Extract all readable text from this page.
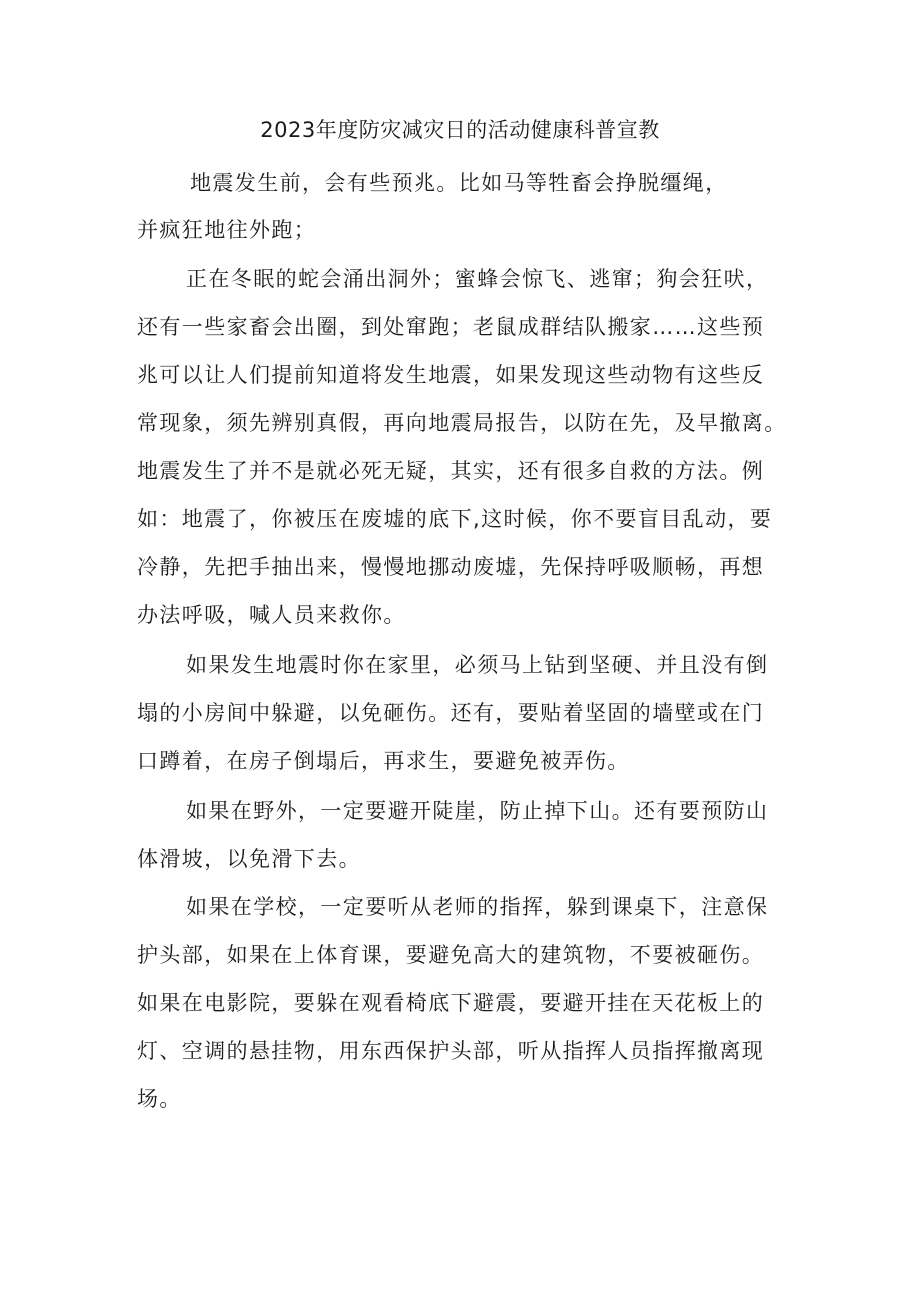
2023年度防灾减灾日的活动健康科普宣教
地震发生前，会有些预兆。比如马等牲畜会挣脱缰绳，
并疯狂地往外跑；
正在冬眠的蛇会涌出洞外；蜜蜂会惊飞、逃窜；狗会狂吠，
还有一些家畜会出圈，到处窜跑；老鼠成群结队搬家……这些预
兆可以让人们提前知道将发生地震，如果发现这些动物有这些反
常现象，须先辨别真假，再向地震局报告，以防在先，及早撤离。
地震发生了并不是就必死无疑，其实，还有很多自救的方法。例
如：地震了，你被压在废墟的底下,这时候，你不要盲目乱动，要
冷静，先把手抽出来，慢慢地挪动废墟，先保持呼吸顺畅，再想
办法呼吸，喊人员来救你。
如果发生地震时你在家里，必须马上钻到坚硬、并且没有倒
塌的小房间中躲避，以免砸伤。还有，要贴着坚固的墙壁或在门
口蹲着，在房子倒塌后，再求生，要避免被弄伤。
如果在野外，一定要避开陡崖，防止掉下山。还有要预防山
体滑坡，以免滑下去。
如果在学校，一定要听从老师的指挥，躲到课桌下，注意保
护头部，如果在上体育课，要避免高大的建筑物，不要被砸伤。
如果在电影院，要躲在观看椅底下避震，要避开挂在天花板上的
灯、空调的悬挂物，用东西保护头部，听从指挥人员指挥撤离现
场。
